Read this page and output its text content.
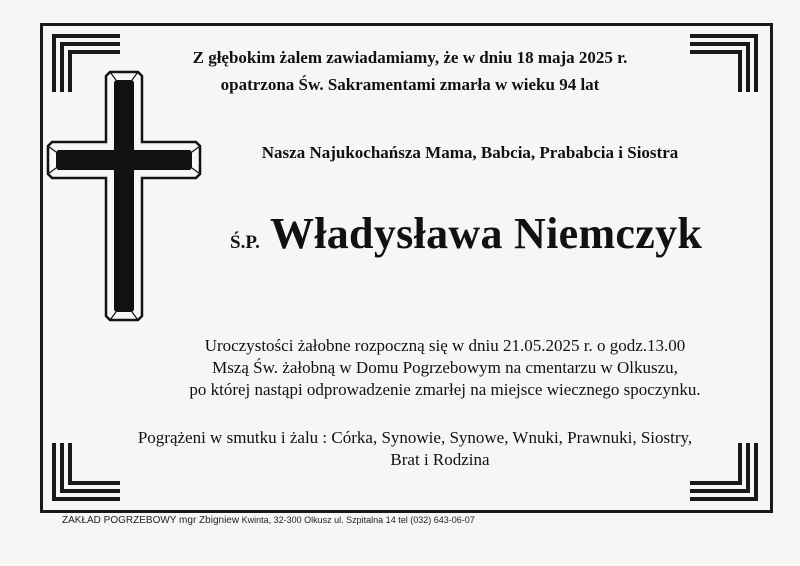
Z głębokim żalem zawiadamiamy, że w dniu 18 maja 2025 r.
opatrzona Św. Sakramentami zmarła w wieku 94 lat
Nasza Najukochańsza Mama, Babcia, Prababcia i Siostra
Ś.P. Władysława Niemczyk
Uroczystości żałobne rozpoczną się w dniu 21.05.2025 r. o godz.13.00
Mszą Św. żałobną w Domu Pogrzebowym na cmentarzu w Olkuszu,
po której nastąpi odprowadzenie zmarłej na miejsce wiecznego spoczynku.
Pogrążeni w smutku i żalu : Córka, Synowie, Synowe, Wnuki, Prawnuki, Siostry,
Brat i Rodzina
ZAKŁAD POGRZEBOWY mgr Zbigniew Kwinta, 32-300 Olkusz ul. Szpitalna 14 tel (032) 643-06-07
